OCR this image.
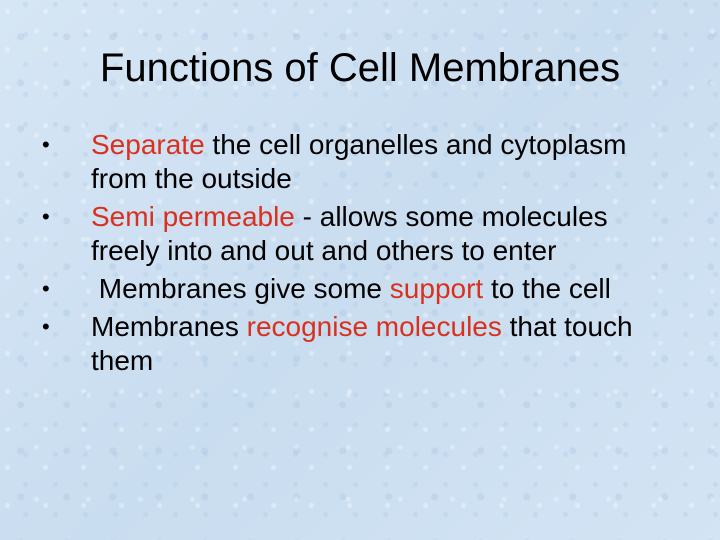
Functions of Cell Membranes
• Separate the cell organelles and cytoplasm from the outside
• Semi permeable - allows some molecules freely into and out and others to enter
• Membranes give some support to the cell
• Membranes recognise molecules that touch them
